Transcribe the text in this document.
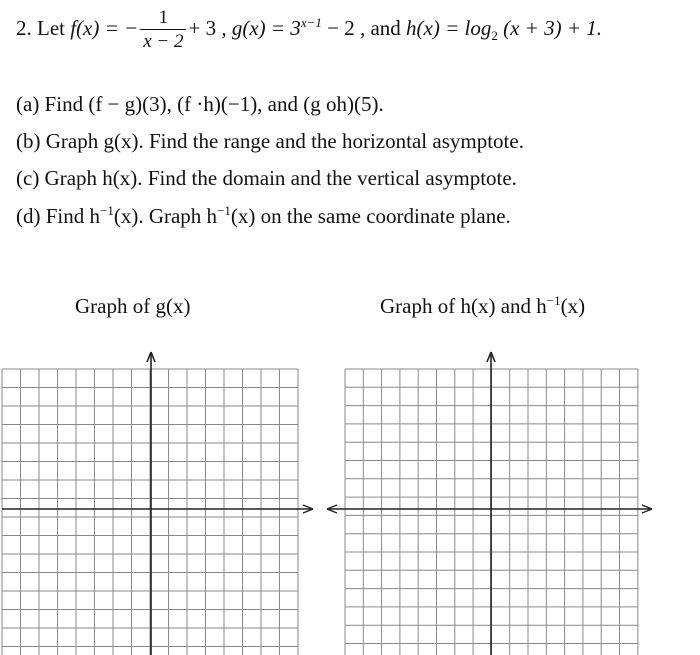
2. Let f(x) = − $\frac{1}{x - 2} + 3$ , $g(x) = 3^{x-1} - 2$ , and $h(x) = \log_2 (x + 3) + 1$.
(a) Find (f − g)(3), (f ·h)(−1), and (g oh)(5).
(b) Graph g(x). Find the range and the horizontal asymptote.
(c) Graph h(x). Find the domain and the vertical asymptote.
(d) Find $h^{-1}(x)$. Graph $h^{-1}(x)$ on the same coordinate plane.
Graph of g(x)	Graph of h(x) and $h^{-1}(x)$
